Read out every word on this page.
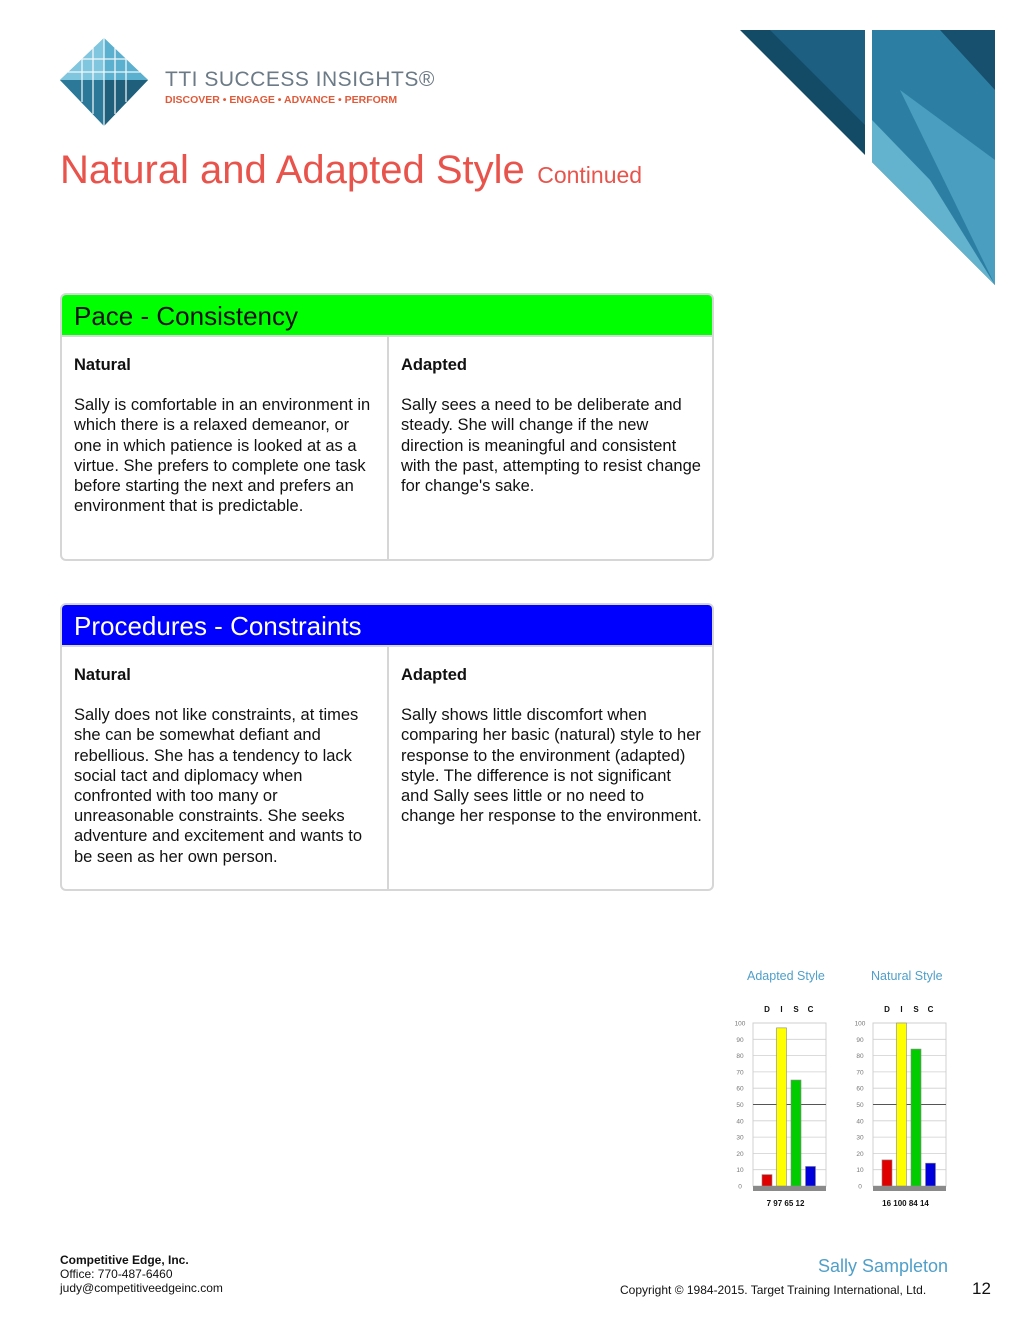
TTI SUCCESS INSIGHTS®
DISCOVER • ENGAGE • ADVANCE • PERFORM
Natural and Adapted Style Continued
Pace - Consistency
Natural
Sally is comfortable in an environment in which there is a relaxed demeanor, or one in which patience is looked at as a virtue. She prefers to complete one task before starting the next and prefers an environment that is predictable.
Adapted
Sally sees a need to be deliberate and steady. She will change if the new direction is meaningful and consistent with the past, attempting to resist change for change's sake.
Procedures - Constraints
Natural
Sally does not like constraints, at times she can be somewhat defiant and rebellious. She has a tendency to lack social tact and diplomacy when confronted with too many or unreasonable constraints. She seeks adventure and excitement and wants to be seen as her own person.
Adapted
Sally shows little discomfort when comparing her basic (natural) style to her response to the environment (adapted) style. The difference is not significant and Sally sees little or no need to change her response to the environment.
Adapted Style	Natural Style
100
90
80
70
60
50
40
30
20
10
0
D I S C
7 97 65 12
100
90
80
70
60
50
40
30
20
10
0
D I S C
16 100 84 14
Competitive Edge, Inc.
Office: 770-487-6460
judy@competitiveedgeinc.com
Sally Sampleton
Copyright © 1984-2015. Target Training International, Ltd.	12
